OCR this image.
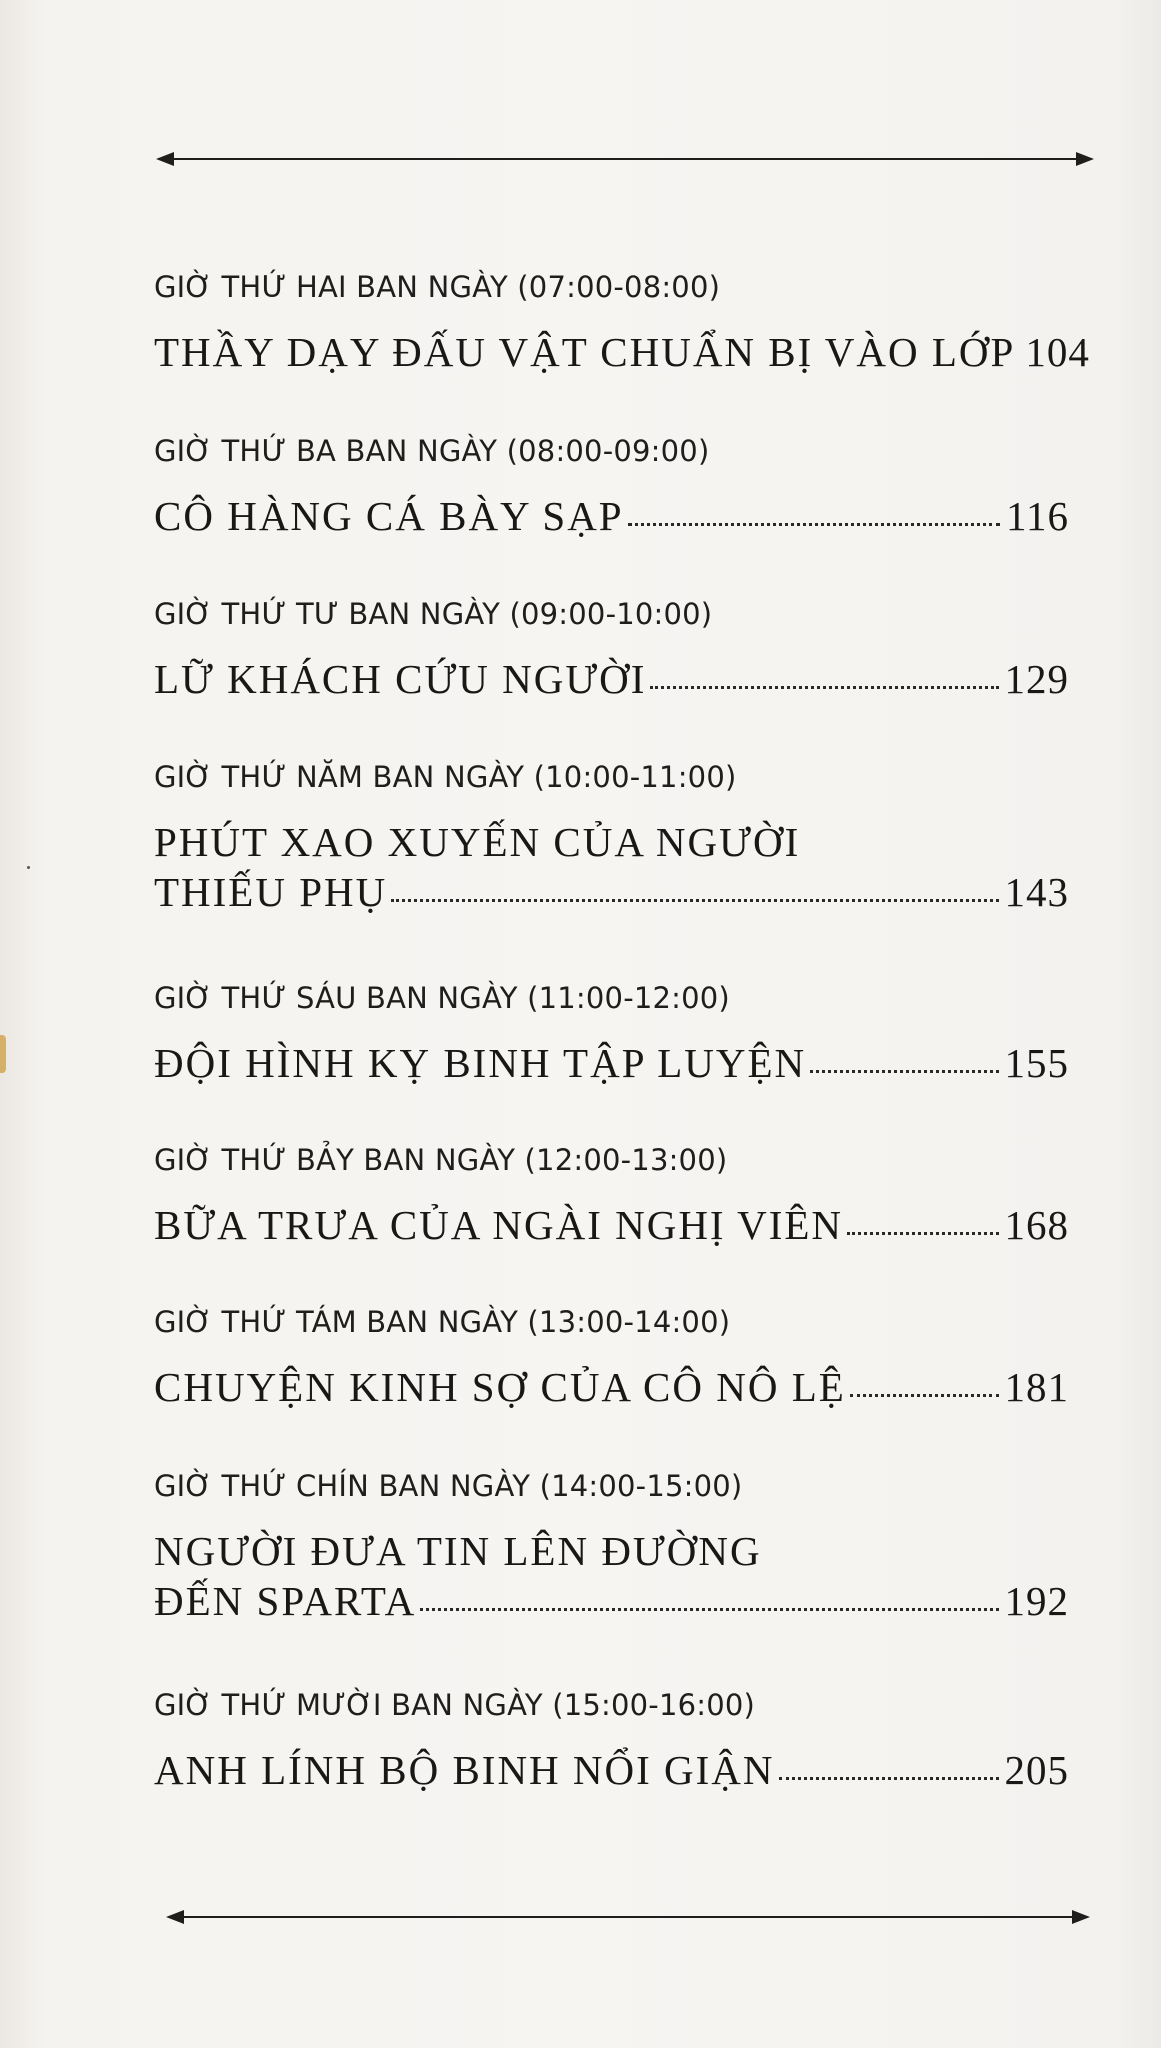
GIỜ THỨ HAI BAN NGÀY (07:00-08:00)
THẦY DẠY ĐẤU VẬT CHUẨN BỊ VÀO LỚP 104
GIỜ THỨ BA BAN NGÀY (08:00-09:00)
CÔ HÀNG CÁ BÀY SẠP	116
GIỜ THỨ TƯ BAN NGÀY (09:00-10:00)
LỮ KHÁCH CỨU NGƯỜI	129
GIỜ THỨ NĂM BAN NGÀY (10:00-11:00)
PHÚT XAO XUYẾN CỦA NGƯỜI
THIẾU PHỤ	143
GIỜ THỨ SÁU BAN NGÀY (11:00-12:00)
ĐỘI HÌNH KỴ BINH TẬP LUYỆN	155
GIỜ THỨ BẢY BAN NGÀY (12:00-13:00)
BỮA TRƯA CỦA NGÀI NGHỊ VIÊN	168
GIỜ THỨ TÁM BAN NGÀY (13:00-14:00)
CHUYỆN KINH SỢ CỦA CÔ NÔ LỆ	181
GIỜ THỨ CHÍN BAN NGÀY (14:00-15:00)
NGƯỜI ĐƯA TIN LÊN ĐƯỜNG
ĐẾN SPARTA	192
GIỜ THỨ MƯỜI BAN NGÀY (15:00-16:00)
ANH LÍNH BỘ BINH NỔI GIẬN	205
